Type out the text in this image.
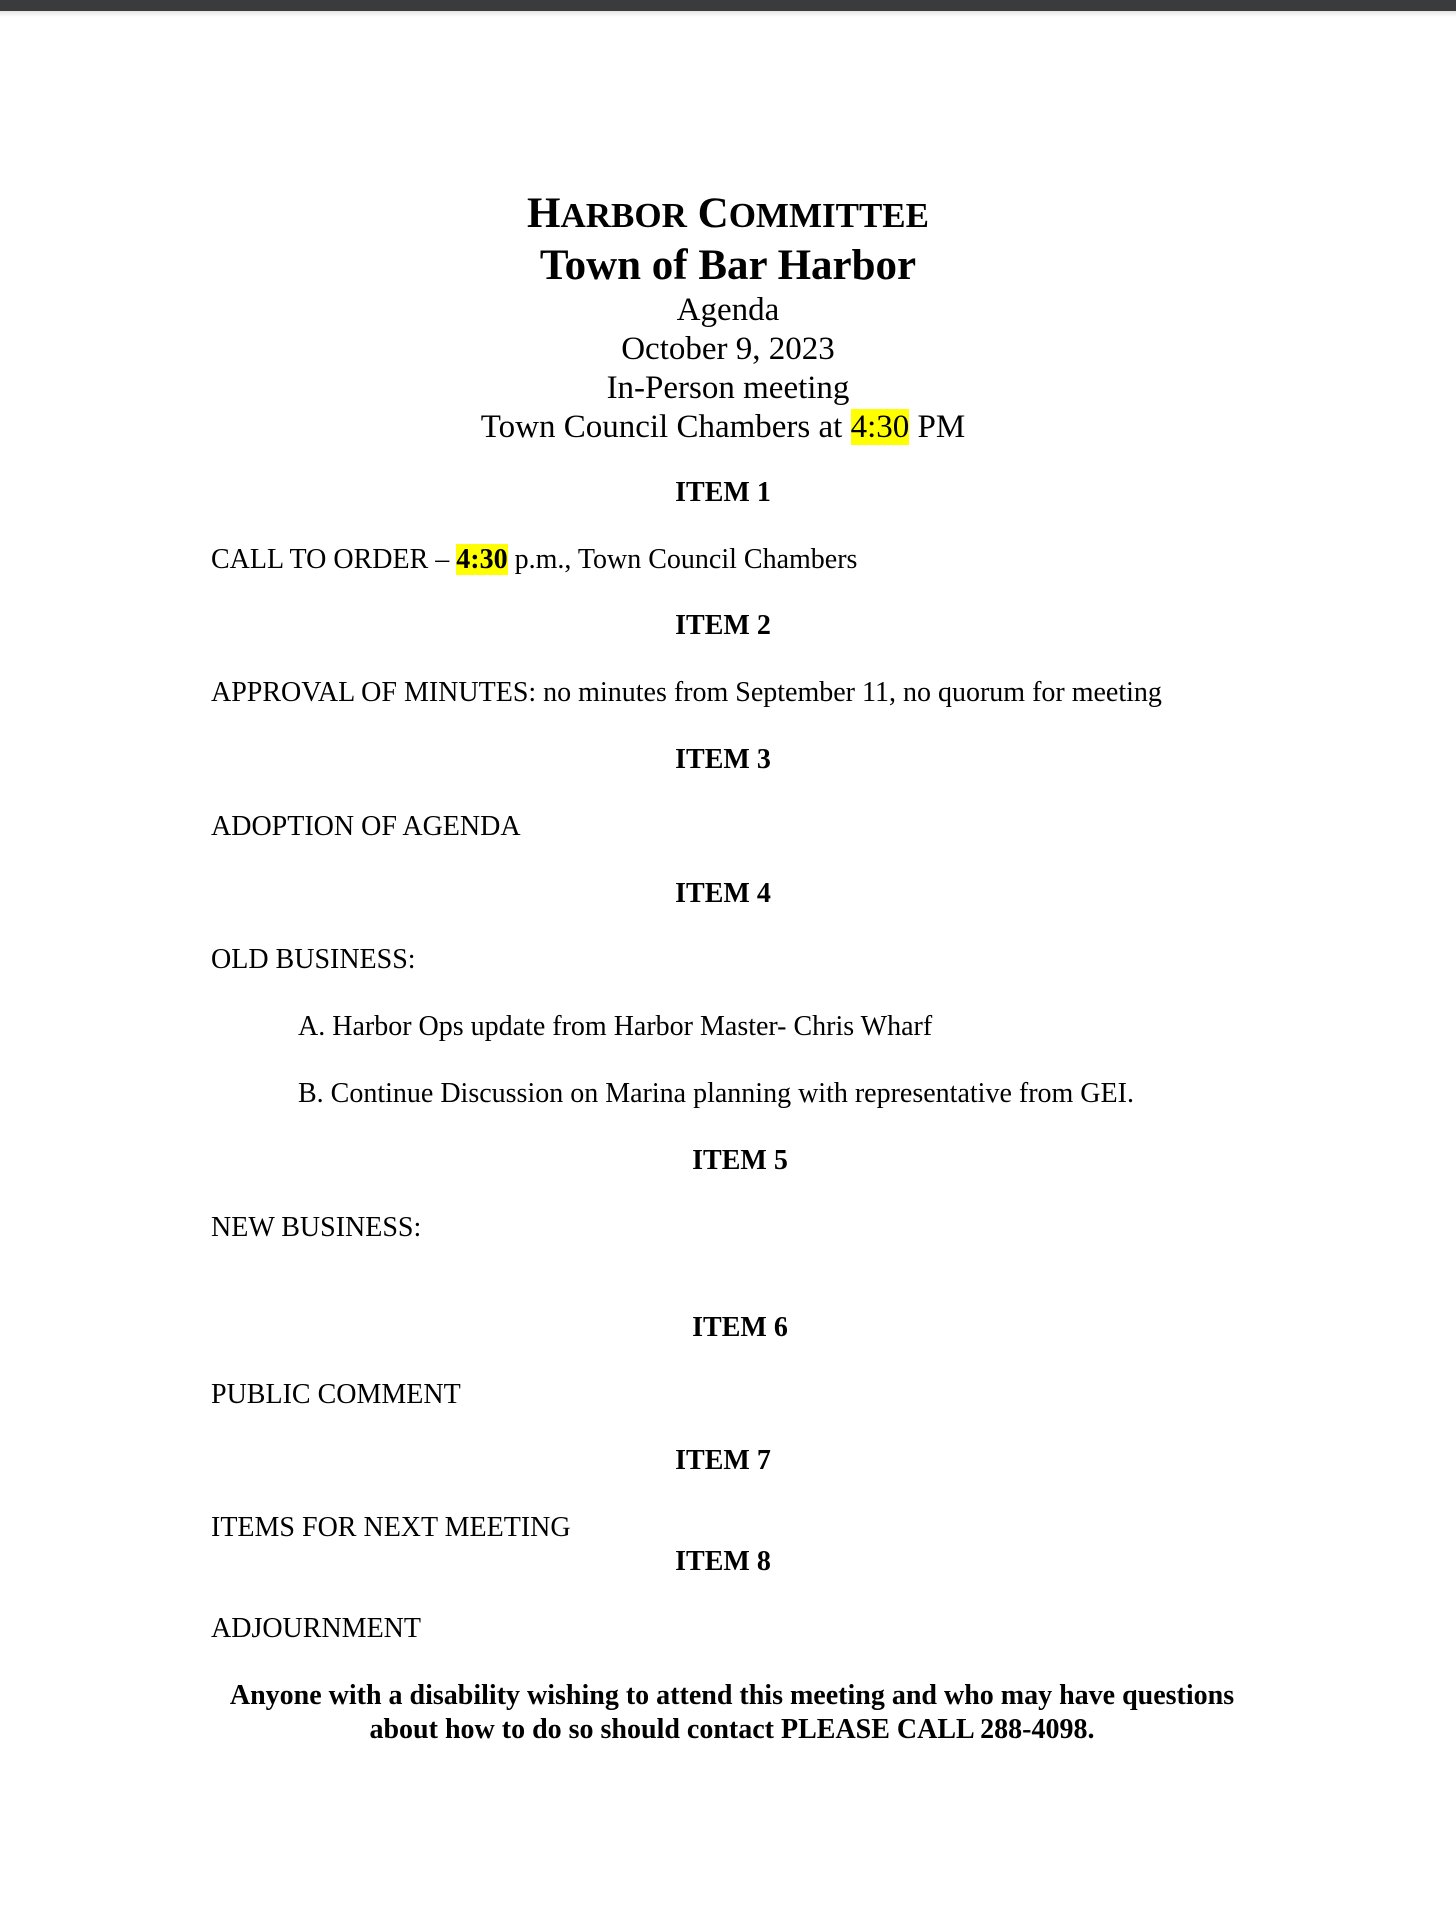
HARBOR COMMITTEE
Town of Bar Harbor
Agenda
October 9, 2023
In-Person meeting
Town Council Chambers at 4:30 PM
ITEM 1
CALL TO ORDER – 4:30 p.m., Town Council Chambers
ITEM 2
APPROVAL OF MINUTES: no minutes from September 11, no quorum for meeting
ITEM 3
ADOPTION OF AGENDA
ITEM 4
OLD BUSINESS:
A. Harbor Ops update from Harbor Master- Chris Wharf
B. Continue Discussion on Marina planning with representative from GEI.
ITEM 5
NEW BUSINESS:
ITEM 6
PUBLIC COMMENT
ITEM 7
ITEMS FOR NEXT MEETING
ITEM 8
ADJOURNMENT
Anyone with a disability wishing to attend this meeting and who may have questions
about how to do so should contact PLEASE CALL 288-4098.
